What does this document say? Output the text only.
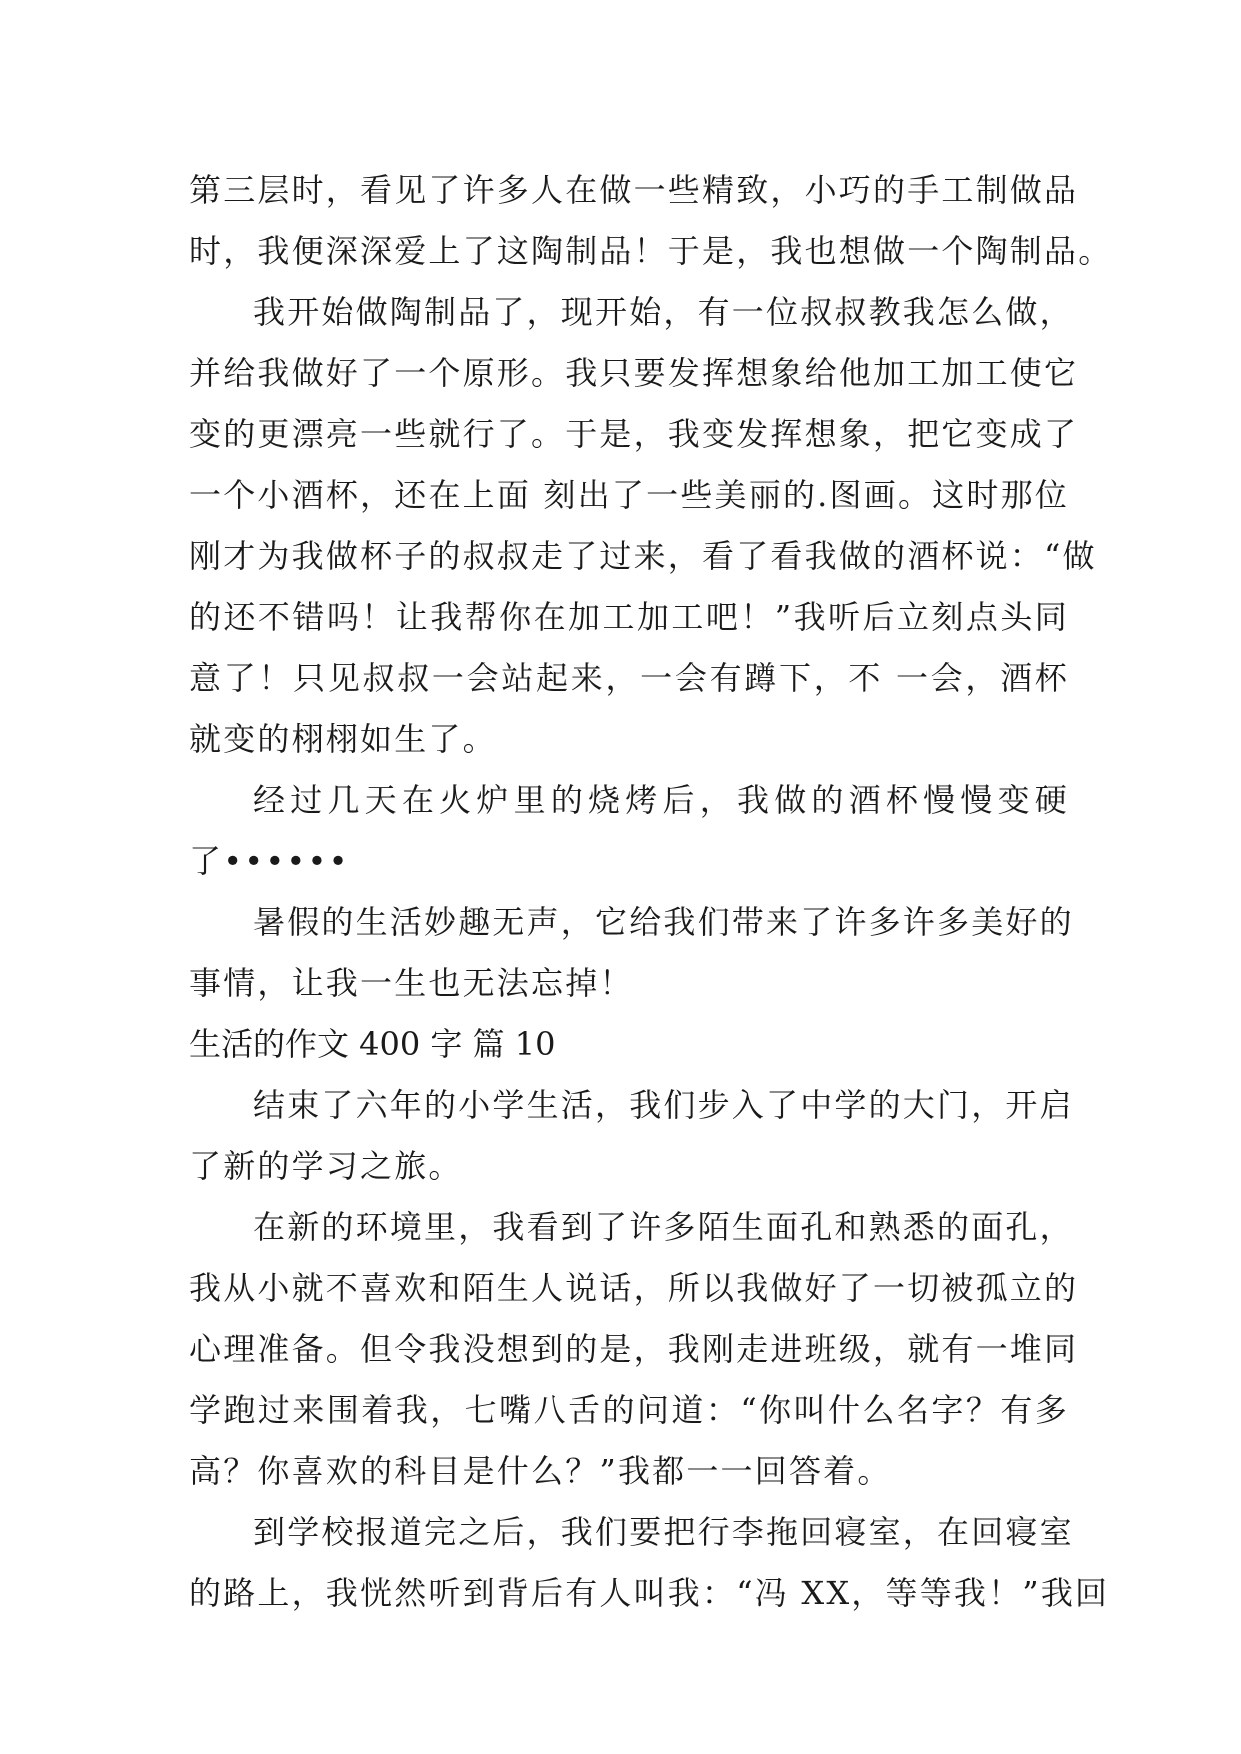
第三层时，看见了许多人在做一些精致，小巧的手工制做品
时，我便深深爱上了这陶制品！于是，我也想做一个陶制品。
我开始做陶制品了，现开始，有一位叔叔教我怎么做，
并给我做好了一个原形。我只要发挥想象给他加工加工使它
变的更漂亮一些就行了。于是，我变发挥想象，把它变成了
一个小酒杯，还在上面 刻出了一些美丽的.图画。这时那位
刚才为我做杯子的叔叔走了过来，看了看我做的酒杯说：“做
的还不错吗！让我帮你在加工加工吧！”我听后立刻点头同
意了！只见叔叔一会站起来，一会有蹲下，不 一会，酒杯
就变的栩栩如生了。
经过几天在火炉里的烧烤后，我做的酒杯慢慢变硬
了••••••
暑假的生活妙趣无声，它给我们带来了许多许多美好的
事情，让我一生也无法忘掉！
生活的作文 400 字 篇 10
结束了六年的小学生活，我们步入了中学的大门，开启
了新的学习之旅。
在新的环境里，我看到了许多陌生面孔和熟悉的面孔，
我从小就不喜欢和陌生人说话，所以我做好了一切被孤立的
心理准备。但令我没想到的是，我刚走进班级，就有一堆同
学跑过来围着我，七嘴八舌的问道：“你叫什么名字？有多
高？你喜欢的科目是什么？”我都一一回答着。
到学校报道完之后，我们要把行李拖回寝室，在回寝室
的路上，我恍然听到背后有人叫我：“冯 XX，等等我！”我回
